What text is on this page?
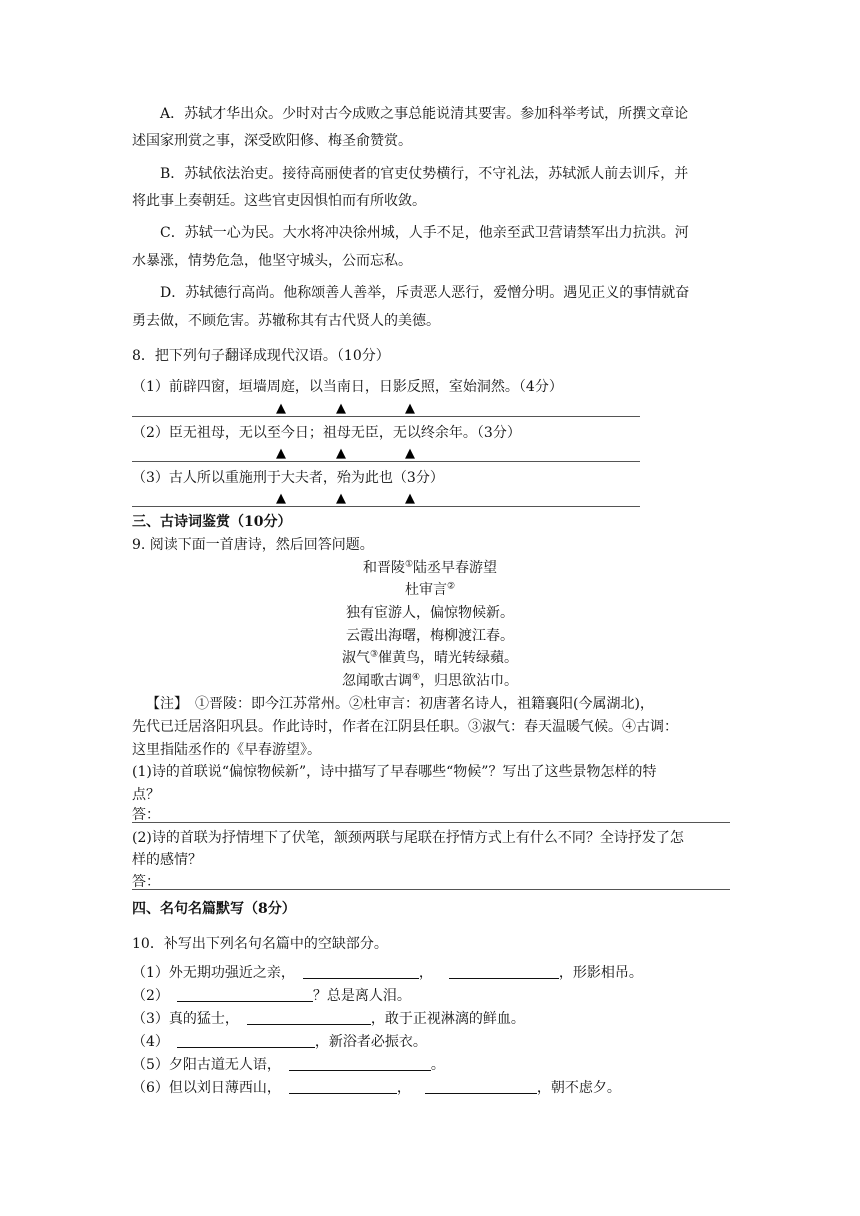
A．苏轼才华出众。少时对古今成败之事总能说清其要害。参加科举考试，所撰文章论
述国家刑赏之事，深受欧阳修、梅圣俞赞赏。
B．苏轼依法治吏。接待高丽使者的官吏仗势横行，不守礼法，苏轼派人前去训斥，并
将此事上奏朝廷。这些官吏因惧怕而有所收敛。
C．苏轼一心为民。大水将冲决徐州城，人手不足，他亲至武卫营请禁军出力抗洪。河
水暴涨，情势危急，他坚守城头，公而忘私。
D．苏轼德行高尚。他称颂善人善举，斥责恶人恶行，爱憎分明。遇见正义的事情就奋
勇去做，不顾危害。苏辙称其有古代贤人的美德。
8．把下列句子翻译成现代汉语。（10分）
（1）前辟四窗，垣墙周庭，以当南日，日影反照，室始洞然。（4分）
▲	▲	▲
（2）臣无祖母，无以至今日；祖母无臣，无以终余年。（3分）
▲	▲	▲
（3）古人所以重施刑于大夫者，殆为此也（3分）
▲	▲	▲
三、古诗词鉴赏（10分）
9. 阅读下面一首唐诗，然后回答问题。
和晋陵①陆丞早春游望
杜审言②
独有宦游人，偏惊物候新。
云霞出海曙，梅柳渡江春。
淑气③催黄鸟，晴光转绿蘋。
忽闻歌古调④，归思欲沾巾。
【注】　①晋陵：即今江苏常州。②杜审言：初唐著名诗人，祖籍襄阳(今属湖北)，
先代已迁居洛阳巩县。作此诗时，作者在江阴县任职。③淑气：春天温暖气候。④古调：
这里指陆丞作的《早春游望》。
(1)诗的首联说“偏惊物候新”，诗中描写了早春哪些“物候”？写出了这些景物怎样的特
点？
答：
(2)诗的首联为抒情埋下了伏笔，颔颈两联与尾联在抒情方式上有什么不同？全诗抒发了怎
样的感情？
答：
四、名句名篇默写（8分）
10．补写出下列名句名篇中的空缺部分。
（1）外无期功强近之亲，	，	，形影相吊。
（2）	？总是离人泪。
（3）真的猛士，	，敢于正视淋漓的鲜血。
（4）	，新浴者必振衣。
（5）夕阳古道无人语，	。
（6）但以刘日薄西山，	，	，朝不虑夕。
